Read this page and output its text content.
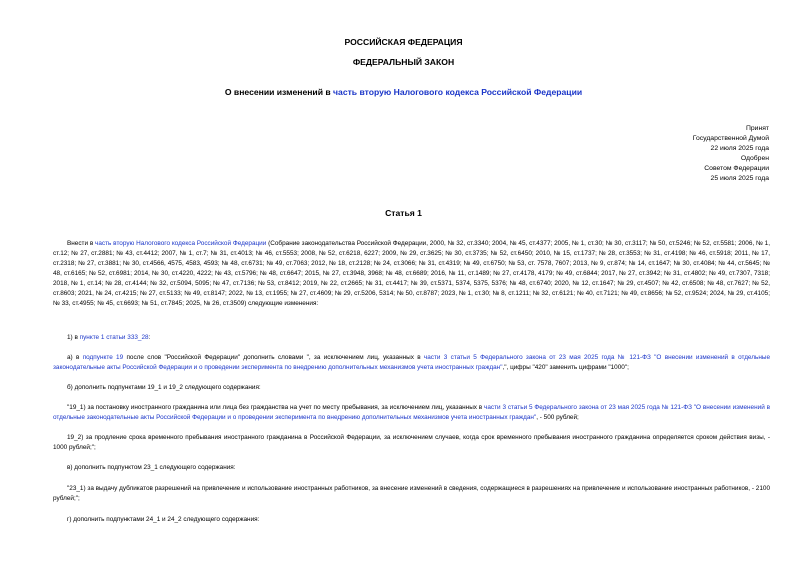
РОССИЙСКАЯ ФЕДЕРАЦИЯ
ФЕДЕРАЛЬНЫЙ ЗАКОН
О внесении изменений в часть вторую Налогового кодекса Российской Федерации
Принят
Государственной Думой
22 июля 2025 года
Одобрен
Советом Федерации
25 июля 2025 года
Статья 1
Внести в часть вторую Налогового кодекса Российской Федерации (Собрание законодательства Российской Федерации, 2000, № 32, ст.3340; 2004, № 45, ст.4377; 2005, № 1, ст.30; № 30, ст.3117; № 50, ст.5246; № 52, ст.5581; 2006, № 1, ст.12; № 27, ст.2881; № 43, ст.4412; 2007, № 1, ст.7; № 31, ст.4013; № 46, ст.5553; 2008, № 52, ст.6218, 6227; 2009, № 29, ст.3625; № 30, ст.3735; № 52, ст.6450; 2010, № 15, ст.1737; № 28, ст.3553; № 31, ст.4198; № 46, ст.5918; 2011, № 17, ст.2318; № 27, ст.3881; № 30, ст.4566, 4575, 4583, 4593; № 48, ст.6731; № 49, ст.7063; 2012, № 18, ст.2128; № 24, ст.3066; № 31, ст.4319; № 49, ст.6750; № 53, ст. 7578, 7607; 2013, № 9, ст.874; № 14, ст.1647; № 30, ст.4084; № 44, ст.5645; № 48, ст.6165; № 52, ст.6981; 2014, № 30, ст.4220, 4222; № 43, ст.5796; № 48, ст.6647; 2015, № 27, ст.3948, 3968; № 48, ст.6689; 2016, № 11, ст.1489; № 27, ст.4178, 4179; № 49, ст.6844; 2017, № 27, ст.3942; № 31, ст.4802; № 49, ст.7307, 7318; 2018, № 1, ст.14; № 28, ст.4144; № 32, ст.5094, 5095; № 47, ст.7136; № 53, ст.8412; 2019, № 22, ст.2665; № 31, ст.4417; № 39, ст.5371, 5374, 5375, 5376; № 48, ст.6740; 2020, № 12, ст.1647; № 29, ст.4507; № 42, ст.6508; № 48, ст.7627; № 52, ст.8603; 2021, № 24, ст.4215; № 27, ст.5133; № 49, ст.8147; 2022, № 13, ст.1955; № 27, ст.4609; № 29, ст.5206, 5314; № 50, ст.8787; 2023, № 1, ст.30; № 8, ст.1211; № 32, ст.6121; № 40, ст.7121; № 49, ст.8656; № 52, ст.9524; 2024, № 29, ст.4105; № 33, ст.4955; № 45, ст.6693; № 51, ст.7845; 2025, № 26, ст.3509) следующие изменения:
1) в пункте 1 статьи 333_28:
а) в подпункте 19 после слов "Российской Федерации" дополнить словами ", за исключением лиц, указанных в части 3 статьи 5 Федерального закона от 23 мая 2025 года № 121-ФЗ "О внесении изменений в отдельные законодательные акты Российской Федерации и о проведении эксперимента по внедрению дополнительных механизмов учета иностранных граждан",", цифры "420" заменить цифрами "1000";
б) дополнить подпунктами 19_1 и 19_2 следующего содержания:
"19_1) за постановку иностранного гражданина или лица без гражданства на учет по месту пребывания, за исключением лиц, указанных в части 3 статьи 5 Федерального закона от 23 мая 2025 года № 121-ФЗ "О внесении изменений в отдельные законодательные акты Российской Федерации и о проведении эксперимента по внедрению дополнительных механизмов учета иностранных граждан", - 500 рублей;
19_2) за продление срока временного пребывания иностранного гражданина в Российской Федерации, за исключением случаев, когда срок временного пребывания иностранного гражданина определяется сроком действия визы, - 1000 рублей;";
в) дополнить подпунктом 23_1 следующего содержания:
"23_1) за выдачу дубликатов разрешений на привлечение и использование иностранных работников, за внесение изменений в сведения, содержащиеся в разрешениях на привлечение и использование иностранных работников, - 2100 рублей;";
г) дополнить подпунктами 24_1 и 24_2 следующего содержания:
